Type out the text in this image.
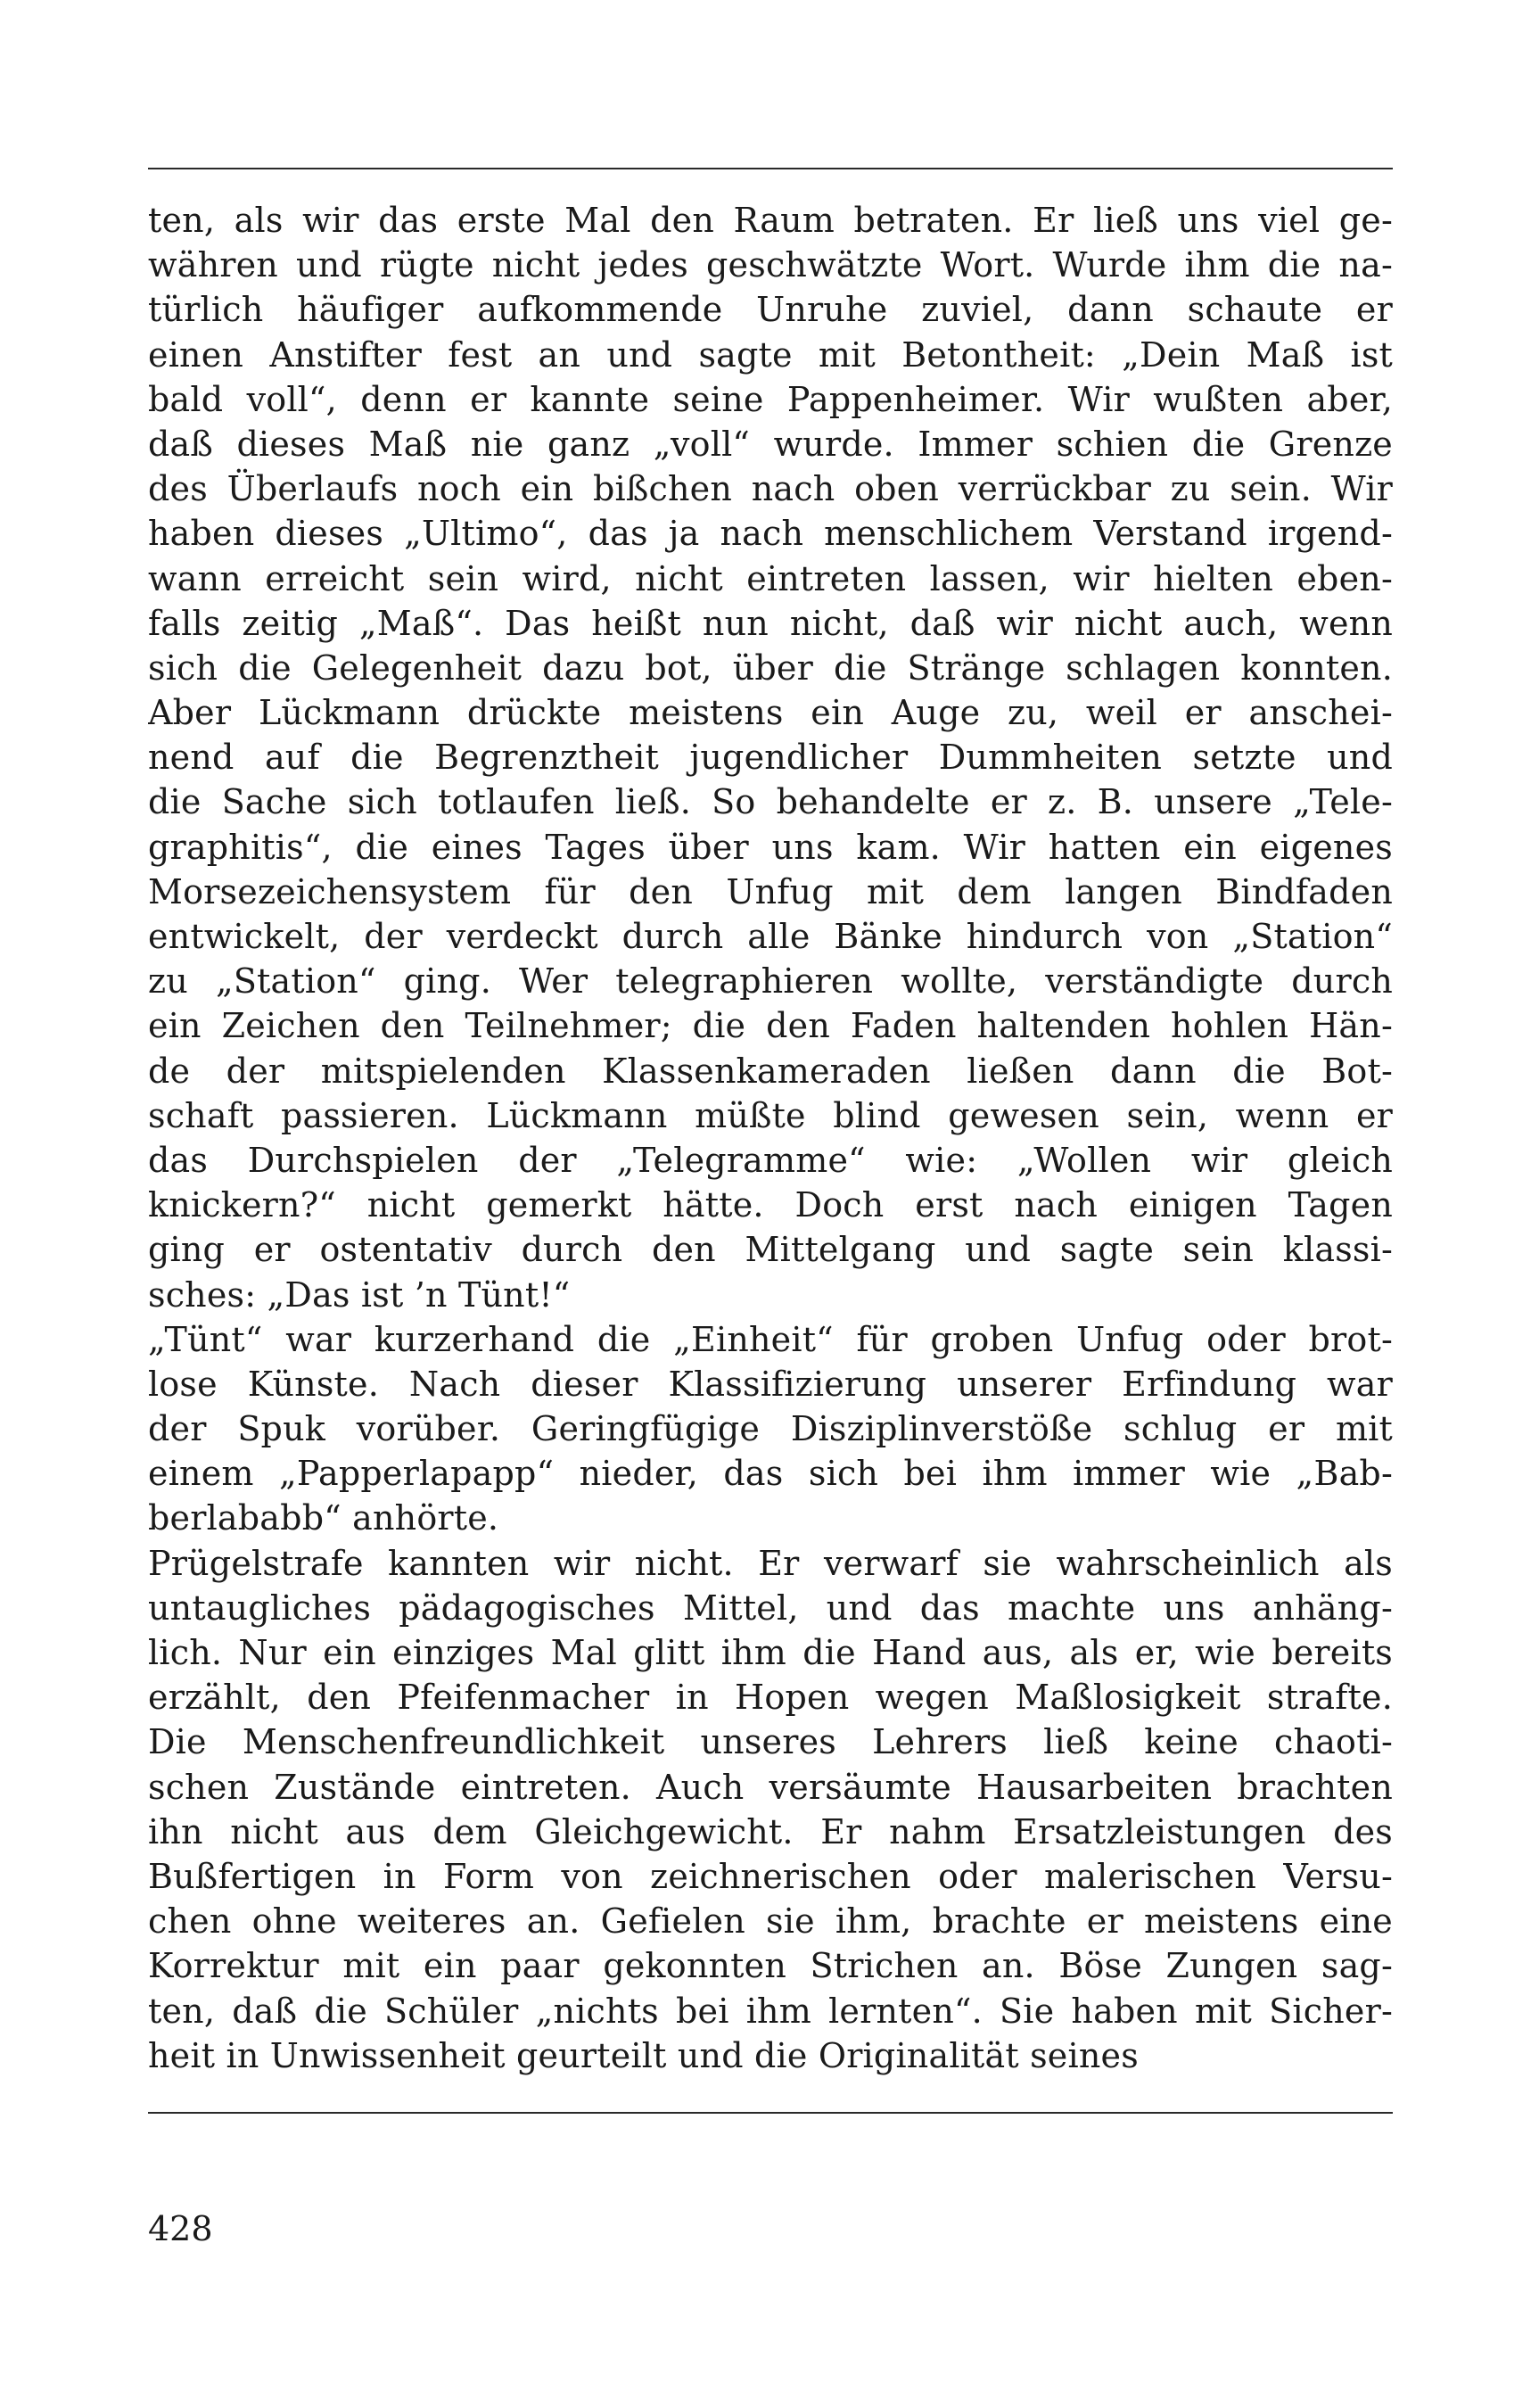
ten, als wir das erste Mal den Raum betraten. Er ließ uns viel ge-
währen und rügte nicht jedes geschwätzte Wort. Wurde ihm die na-
türlich häufiger aufkommende Unruhe zuviel, dann schaute er
einen Anstifter fest an und sagte mit Betontheit: „Dein Maß ist
bald voll“, denn er kannte seine Pappenheimer. Wir wußten aber,
daß dieses Maß nie ganz „voll“ wurde. Immer schien die Grenze
des Überlaufs noch ein bißchen nach oben verrückbar zu sein. Wir
haben dieses „Ultimo“, das ja nach menschlichem Verstand irgend-
wann erreicht sein wird, nicht eintreten lassen, wir hielten eben-
falls zeitig „Maß“. Das heißt nun nicht, daß wir nicht auch, wenn
sich die Gelegenheit dazu bot, über die Stränge schlagen konnten.
Aber Lückmann drückte meistens ein Auge zu, weil er anschei-
nend auf die Begrenztheit jugendlicher Dummheiten setzte und
die Sache sich totlaufen ließ. So behandelte er z. B. unsere „Tele-
graphitis“, die eines Tages über uns kam. Wir hatten ein eigenes
Morsezeichensystem für den Unfug mit dem langen Bindfaden
entwickelt, der verdeckt durch alle Bänke hindurch von „Station“
zu „Station“ ging. Wer telegraphieren wollte, verständigte durch
ein Zeichen den Teilnehmer; die den Faden haltenden hohlen Hän-
de der mitspielenden Klassenkameraden ließen dann die Bot-
schaft passieren. Lückmann müßte blind gewesen sein, wenn er
das Durchspielen der „Telegramme“ wie: „Wollen wir gleich
knickern?“ nicht gemerkt hätte. Doch erst nach einigen Tagen
ging er ostentativ durch den Mittelgang und sagte sein klassi-
sches: „Das ist ’n Tünt!“
„Tünt“ war kurzerhand die „Einheit“ für groben Unfug oder brot-
lose Künste. Nach dieser Klassifizierung unserer Erfindung war
der Spuk vorüber. Geringfügige Disziplinverstöße schlug er mit
einem „Papperlapapp“ nieder, das sich bei ihm immer wie „Bab-
berlababb“ anhörte.
Prügelstrafe kannten wir nicht. Er verwarf sie wahrscheinlich als
untaugliches pädagogisches Mittel, und das machte uns anhäng-
lich. Nur ein einziges Mal glitt ihm die Hand aus, als er, wie bereits
erzählt, den Pfeifenmacher in Hopen wegen Maßlosigkeit strafte.
Die Menschenfreundlichkeit unseres Lehrers ließ keine chaoti-
schen Zustände eintreten. Auch versäumte Hausarbeiten brachten
ihn nicht aus dem Gleichgewicht. Er nahm Ersatzleistungen des
Bußfertigen in Form von zeichnerischen oder malerischen Versu-
chen ohne weiteres an. Gefielen sie ihm, brachte er meistens eine
Korrektur mit ein paar gekonnten Strichen an. Böse Zungen sag-
ten, daß die Schüler „nichts bei ihm lernten“. Sie haben mit Sicher-
heit in Unwissenheit geurteilt und die Originalität seines
428
